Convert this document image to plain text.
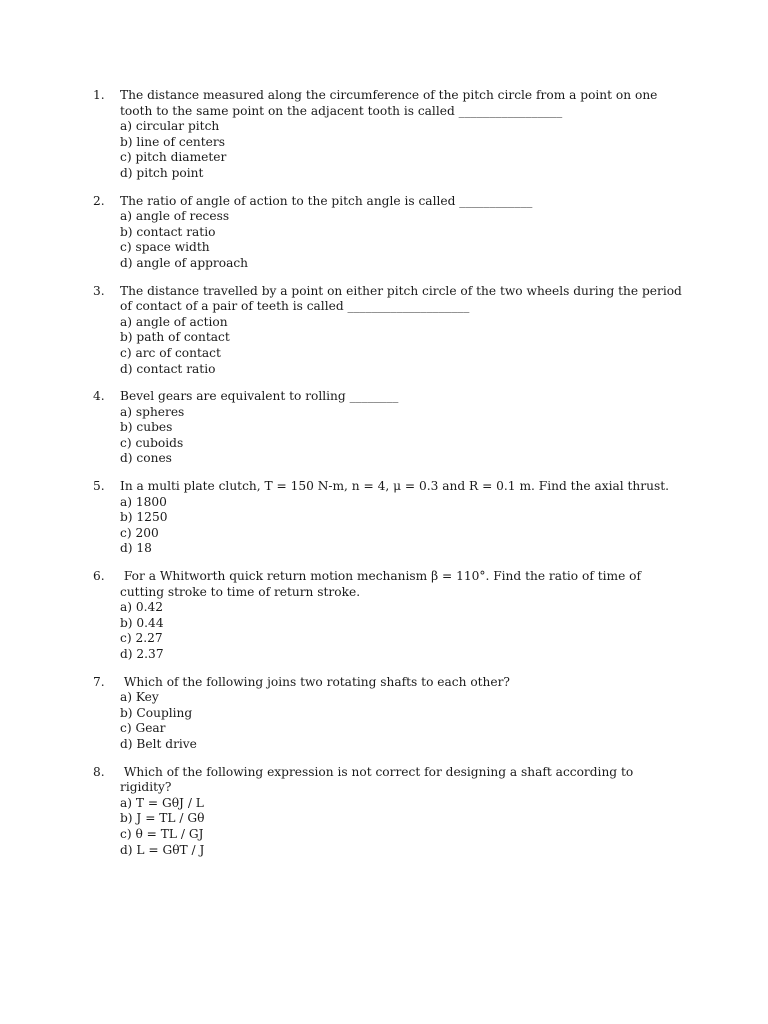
1. The distance measured along the circumference of the pitch circle from a point on one tooth to the same point on the adjacent tooth is called _________________
a) circular pitch
b) line of centers
c) pitch diameter
d) pitch point
2. The ratio of angle of action to the pitch angle is called ____________
a) angle of recess
b) contact ratio
c) space width
d) angle of approach
3. The distance travelled by a point on either pitch circle of the two wheels during the period of contact of a pair of teeth is called ____________________
a) angle of action
b) path of contact
c) arc of contact
d) contact ratio
4. Bevel gears are equivalent to rolling ________
a) spheres
b) cubes
c) cuboids
d) cones
5. In a multi plate clutch, T = 150 N-m, n = 4, μ = 0.3 and R = 0.1 m. Find the axial thrust.
a) 1800
b) 1250
c) 200
d) 18
6. For a Whitworth quick return motion mechanism β = 110°. Find the ratio of time of cutting stroke to time of return stroke.
a) 0.42
b) 0.44
c) 2.27
d) 2.37
7. Which of the following joins two rotating shafts to each other?
a) Key
b) Coupling
c) Gear
d) Belt drive
8. Which of the following expression is not correct for designing a shaft according to rigidity?
a) T = GθJ / L
b) J = TL / Gθ
c) θ = TL / GJ
d) L = GθT / J
